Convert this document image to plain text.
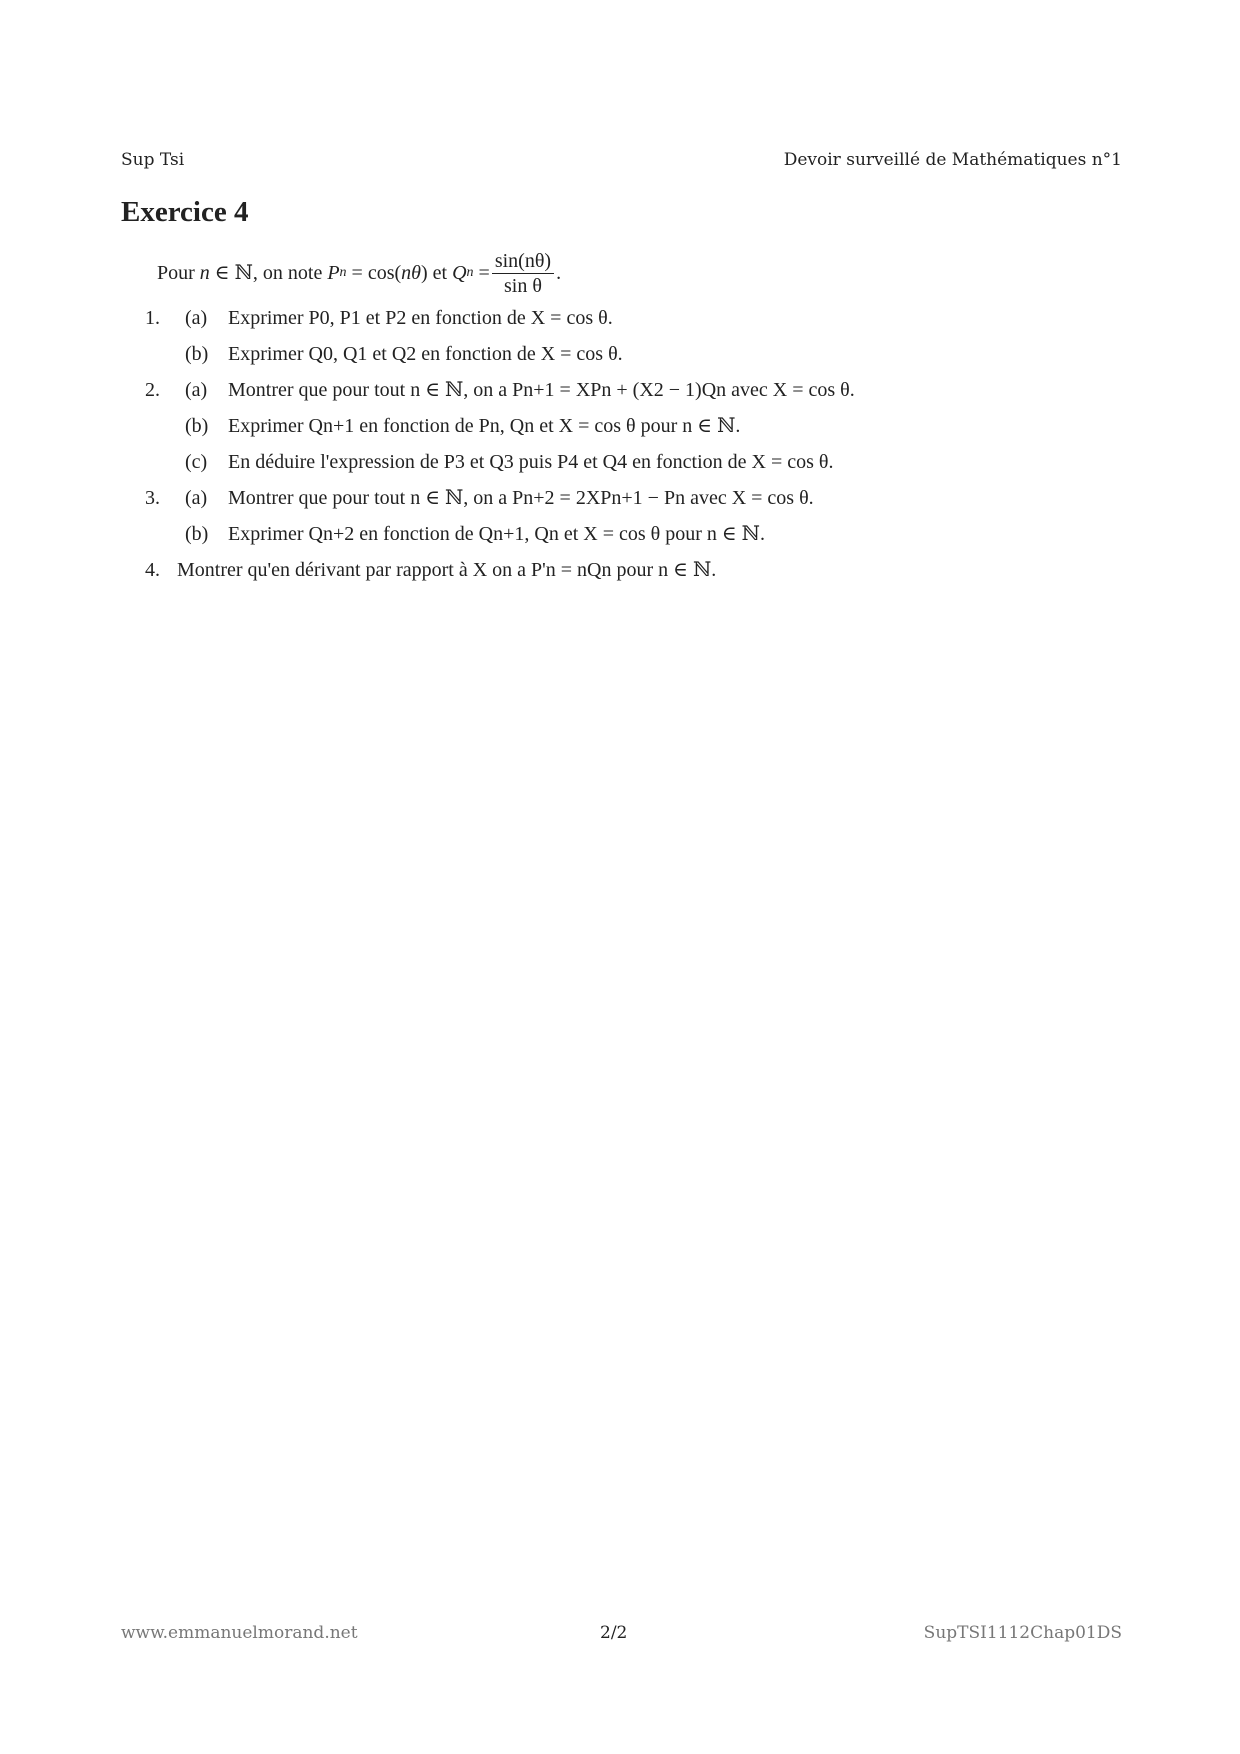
Sup Tsi	Devoir surveillé de Mathématiques n°1
Exercice 4
Pour
n ∈ ℕ , on note
P n = cos( nθ ) et
Q $n = \frac{\sin(n\theta)}{\text{sin θ}}$ .
1. (a) Exprimer P0, P1 et P2 en fonction de X = cos θ.
(b) Exprimer Q0, Q1 et Q2 en fonction de X = cos θ.
2. (a) Montrer que pour tout n ∈ ℕ, on a Pn+1 = XPn + (X2 − 1)Qn avec X = cos θ.
(b) Exprimer Qn+1 en fonction de Pn, Qn et X = cos θ pour n ∈ ℕ.
(c) En déduire l'expression de P3 et Q3 puis P4 et Q4 en fonction de X = cos θ.
3. (a) Montrer que pour tout n ∈ ℕ, on a Pn+2 = 2XPn+1 − Pn avec X = cos θ.
(b) Exprimer Qn+2 en fonction de Qn+1, Qn et X = cos θ pour n ∈ ℕ.
4. Montrer qu'en dérivant par rapport à X on a P'n = nQn pour n ∈ ℕ.
www.emmanuelmorand.net	2/2	SupTSI1112Chap01DS
